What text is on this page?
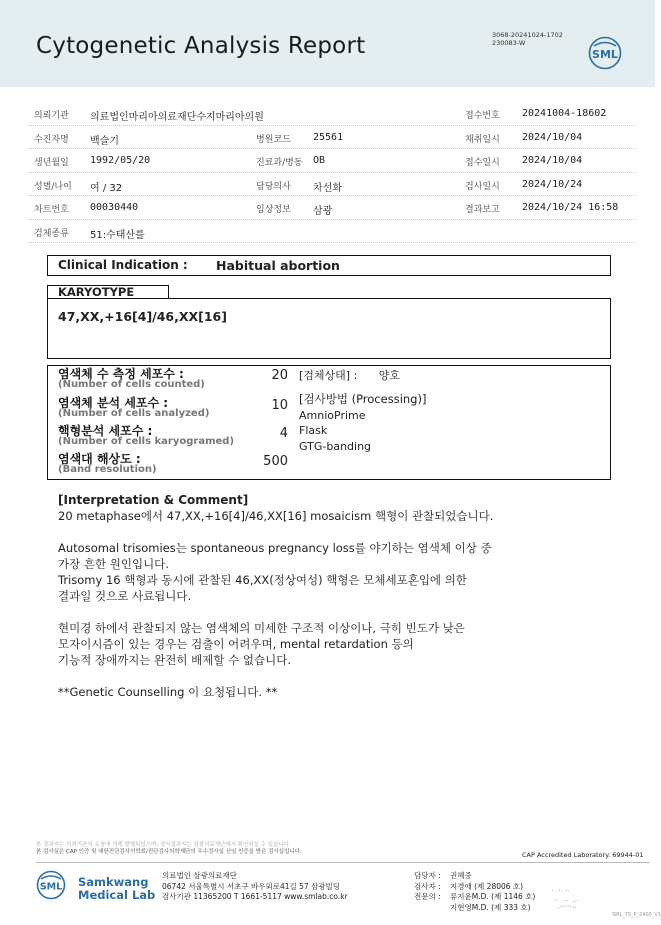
Cytogenetic Analysis Report	3068-20241024-1702
230083-W
SML
의뢰기관 의료법인마리아의료재단수지마리아의원	접수번호 20241004-18602
수진자명 백슬기	병원코드 25561	채취일시 2024/10/04
생년월일 1992/05/20	진료과/병동 OB	접수일시 2024/10/04
성별/나이 여 / 32	담당의사 차선화	검사일시 2024/10/24
차트번호 00030440	임상정보 삼광	결과보고 2024/10/24 16:58
검체종류 51:수태산를
Clinical Indication : Habitual abortion
KARYOTYPE
47,XX,+16[4]/46,XX[16]
염색체 수 측정 세포수 :
(Number of cells counted)
20
염색체 분석 세포수 :
(Number of cells analyzed)
10
핵형분석 세포수 :
(Number of cells karyogramed)
4
염색대 해상도 :
(Band resolution)
500
[검체상태] : 양호
[검사방법 (Processing)]
AmnioPrime
Flask
GTG-banding
[Interpretation & Comment]

20 metaphase에서 47,XX,+16[4]/46,XX[16] mosaicism 핵형이 관찰되었습니다.

Autosomal trisomies는 spontaneous pregnancy loss를 야기하는 염색체 이상 중
가장 흔한 원인입니다.
Trisomy 16 핵형과 동시에 관찰된 46,XX(정상여성) 핵형은 모체세포혼입에 의한
결과일 것으로 사료됩니다.

현미경 하에서 관찰되지 않는 염색체의 미세한 구조적 이상이나, 극히 빈도가 낮은
모자이시즘이 있는 경우는 검출이 어려우며, mental retardation 등의
기능적 장애까지는 완전히 배제할 수 없습니다.

**Genetic Counselling 이 요청됩니다. **

본 결과지는 의뢰기관의 요청에 의해 발행되었으며, 정식결과지는 삼광의료재단에서 확인하실 수 있습니다.
본 검사실은 CAP 인증 및 대한진단검사의학회/진단검사의학재단의 우수검사실 신임 인증을 받은 검사실입니다.	CAP Accredited Laboratory. 69944-01
SML Samkwang
Medical Lab
의료법인 삼광의료재단
06742 서울특별시 서초구 바우뫼로41길 57 삼광빌딩
검사기관 11365200 T 1661-5117 www.smlab.co.kr
담당자 : 권혜중
검사자 : 지경애 (제 28006 호)
전문의 : 류지윤M.D. (제 1146 호)
지현영M.D. (제 333 호)
SML_TS_P_2400_V1
